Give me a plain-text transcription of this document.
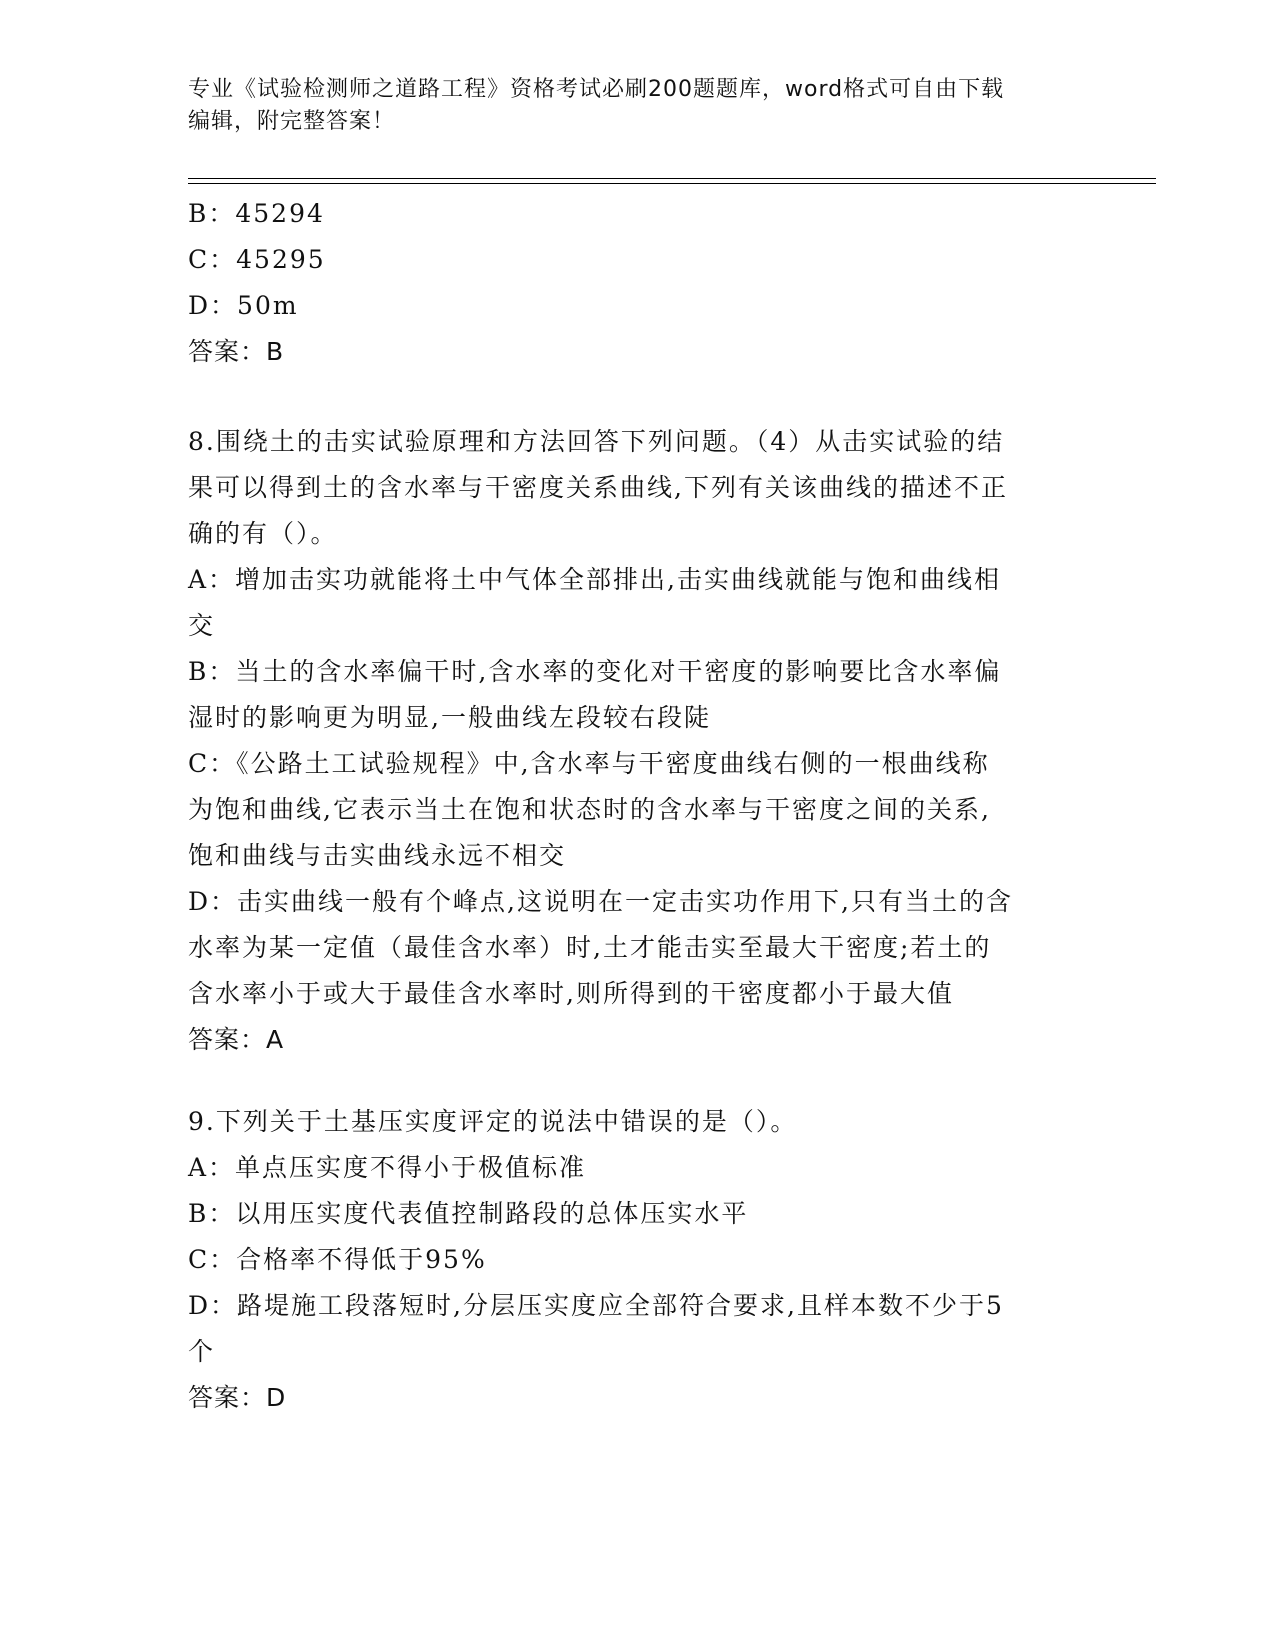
专业《试验检测师之道路工程》资格考试必刷200题题库，word格式可自由下载
编辑，附完整答案！
B：45294
C：45295
D：50m
答案：B
8.围绕土的击实试验原理和方法回答下列问题。（4）从击实试验的结
果可以得到土的含水率与干密度关系曲线,下列有关该曲线的描述不正
确的有（）。
A：增加击实功就能将土中气体全部排出,击实曲线就能与饱和曲线相
交
B：当土的含水率偏干时,含水率的变化对干密度的影响要比含水率偏
湿时的影响更为明显,一般曲线左段较右段陡
C：《公路土工试验规程》中,含水率与干密度曲线右侧的一根曲线称
为饱和曲线,它表示当土在饱和状态时的含水率与干密度之间的关系,
饱和曲线与击实曲线永远不相交
D：击实曲线一般有个峰点,这说明在一定击实功作用下,只有当土的含
水率为某一定值（最佳含水率）时,土才能击实至最大干密度;若土的
含水率小于或大于最佳含水率时,则所得到的干密度都小于最大值
答案：A
9.下列关于土基压实度评定的说法中错误的是（）。
A：单点压实度不得小于极值标准
B：以用压实度代表值控制路段的总体压实水平
C：合格率不得低于95%
D：路堤施工段落短时,分层压实度应全部符合要求,且样本数不少于5
个
答案：D
